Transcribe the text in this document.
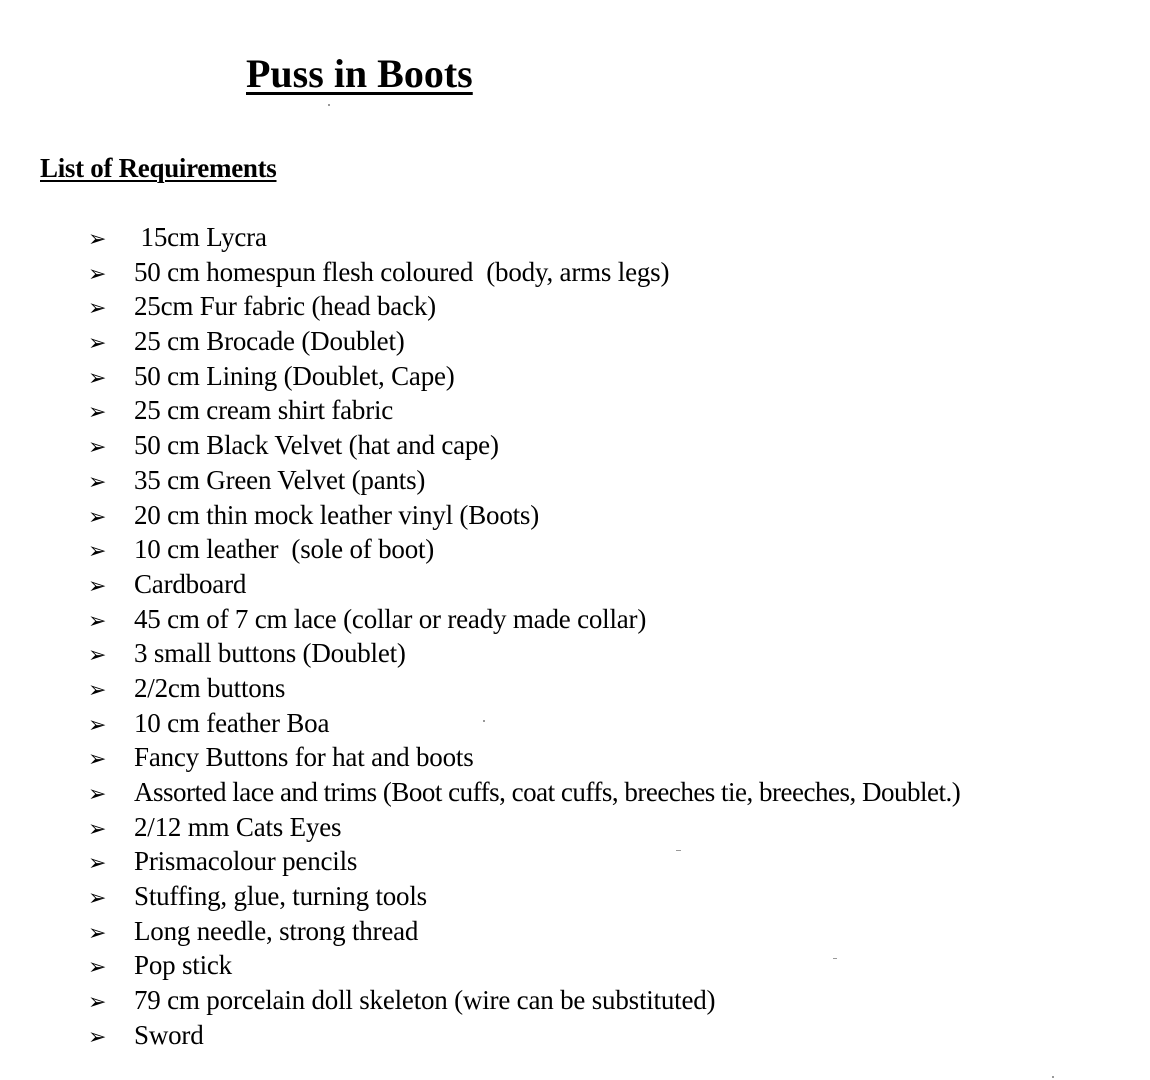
Puss in Boots
List of Requirements
➢	15cm Lycra
➢	50 cm homespun flesh coloured  (body, arms legs)
➢	25cm Fur fabric (head back)
➢	25 cm Brocade (Doublet)
➢	50 cm Lining (Doublet, Cape)
➢	25 cm cream shirt fabric
➢	50 cm Black Velvet (hat and cape)
➢	35 cm Green Velvet (pants)
➢	20 cm thin mock leather vinyl (Boots)
➢	10 cm leather  (sole of boot)
➢	Cardboard
➢	45 cm of 7 cm lace (collar or ready made collar)
➢	3 small buttons (Doublet)
➢	2/2cm buttons
➢	10 cm feather Boa
➢	Fancy Buttons for hat and boots
➢	Assorted lace and trims (Boot cuffs, coat cuffs, breeches tie, breeches, Doublet.)
➢	2/12 mm Cats Eyes
➢	Prismacolour pencils
➢	Stuffing, glue, turning tools
➢	Long needle, strong thread
➢	Pop stick
➢	79 cm porcelain doll skeleton (wire can be substituted)
➢	Sword
